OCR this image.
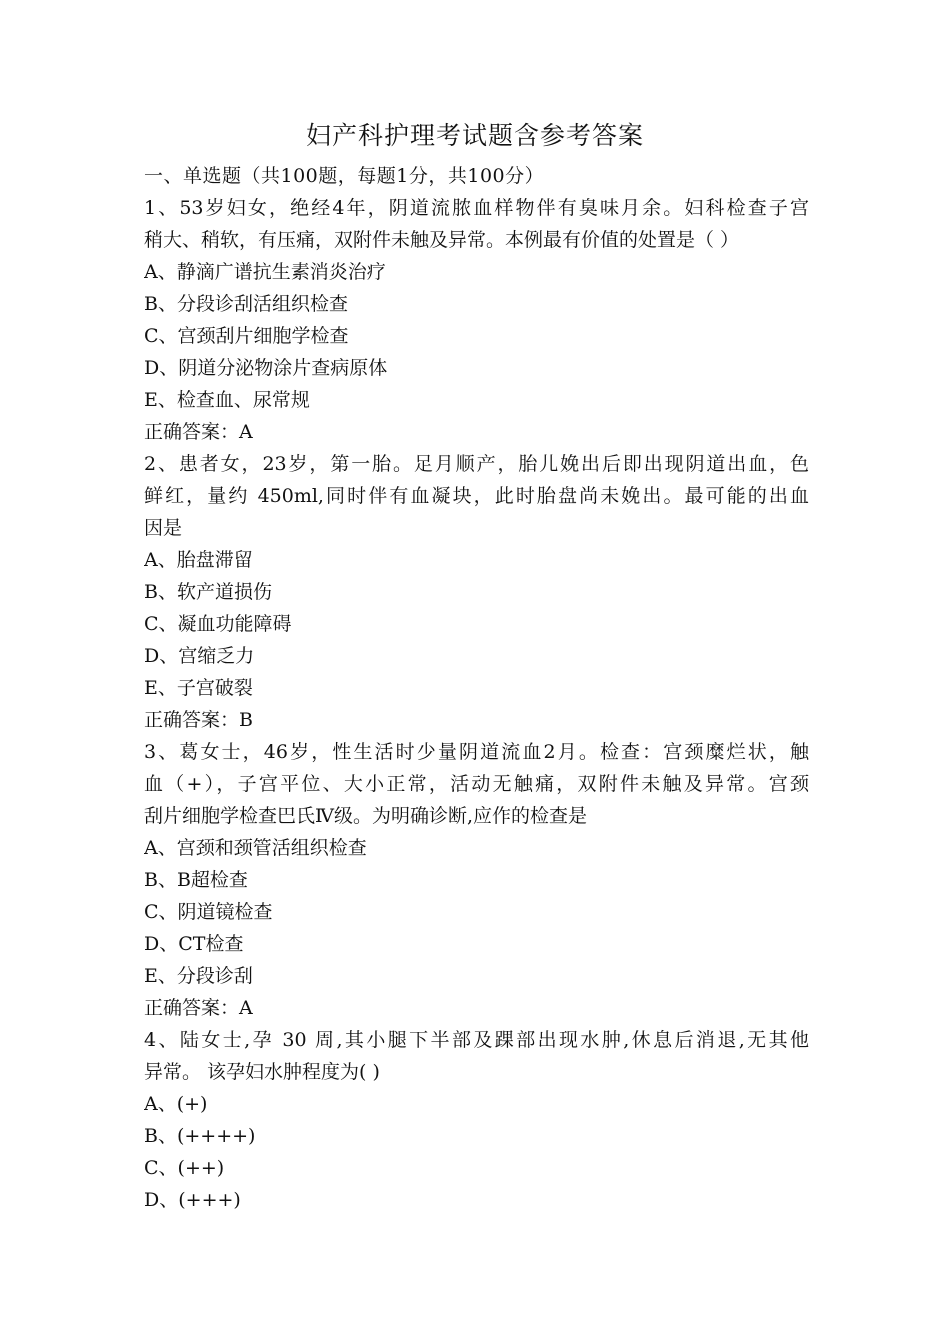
妇产科护理考试题含参考答案
一、单选题（共100题，每题1分，共100分）
1、53岁妇女，绝经4年，阴道流脓血样物伴有臭味月余。妇科检查子宫
稍大、稍软，有压痛，双附件未触及异常。本例最有价值的处置是（ ）
A、静滴广谱抗生素消炎治疗
B、分段诊刮活组织检查
C、宫颈刮片细胞学检查
D、阴道分泌物涂片查病原体
E、检查血、尿常规
正确答案：A
2、患者女，23岁，第一胎。足月顺产，胎儿娩出后即出现阴道出血，色
鲜红，量约 450ml,同时伴有血凝块，此时胎盘尚未娩出。最可能的出血
因是
A、胎盘滞留
B、软产道损伤
C、凝血功能障碍
D、宫缩乏力
E、子宫破裂
正确答案：B
3、葛女士，46岁，性生活时少量阴道流血2月。检查：宫颈糜烂状，触
血（+），子宫平位、大小正常，活动无触痛，双附件未触及异常。宫颈
刮片细胞学检查巴氏Ⅳ级。为明确诊断,应作的检查是
A、宫颈和颈管活组织检查
B、B超检查
C、阴道镜检查
D、CT检查
E、分段诊刮
正确答案：A
4、陆女士,孕 30 周,其小腿下半部及踝部出现水肿,休息后消退,无其他
异常。 该孕妇水肿程度为( )
A、(+)
B、(++++)
C、(++)
D、(+++)
